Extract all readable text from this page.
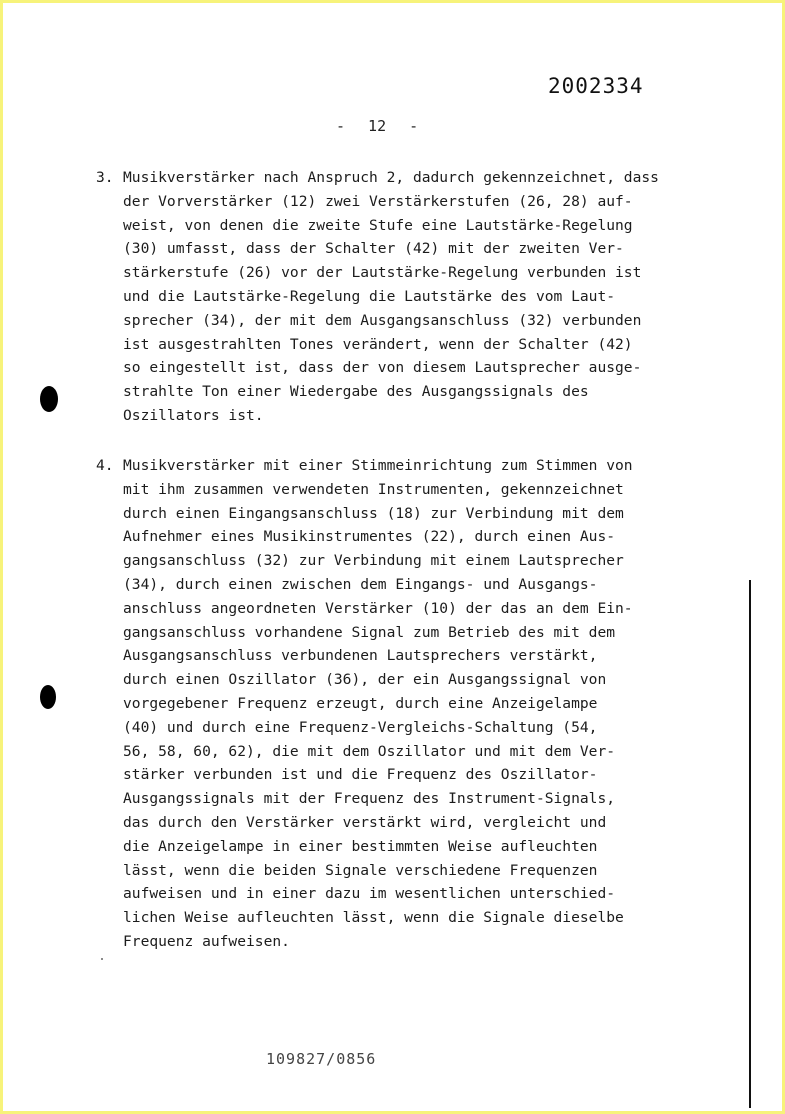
2002334
- 12 -
3. Musikverstärker nach Anspruch 2, dadurch gekennzeichnet, dass
der Vorverstärker (12) zwei Verstärkerstufen (26, 28) auf-
weist, von denen die zweite Stufe eine Lautstärke-Regelung
(30) umfasst, dass der Schalter (42) mit der zweiten Ver-
stärkerstufe (26) vor der Lautstärke-Regelung verbunden ist
und die Lautstärke-Regelung die Lautstärke des vom Laut-
sprecher (34), der mit dem Ausgangsanschluss (32) verbunden
ist ausgestrahlten Tones verändert, wenn der Schalter (42)
so eingestellt ist, dass der von diesem Lautsprecher ausge-
strahlte Ton einer Wiedergabe des Ausgangssignals des
Oszillators ist.
4. Musikverstärker mit einer Stimmeinrichtung zum Stimmen von
mit ihm zusammen verwendeten Instrumenten, gekennzeichnet
durch einen Eingangsanschluss (18) zur Verbindung mit dem
Aufnehmer eines Musikinstrumentes (22), durch einen Aus-
gangsanschluss (32) zur Verbindung mit einem Lautsprecher
(34), durch einen zwischen dem Eingangs- und Ausgangs-
anschluss angeordneten Verstärker (10) der das an dem Ein-
gangsanschluss vorhandene Signal zum Betrieb des mit dem
Ausgangsanschluss verbundenen Lautsprechers verstärkt,
durch einen Oszillator (36), der ein Ausgangssignal von
vorgegebener Frequenz erzeugt, durch eine Anzeigelampe
(40) und durch eine Frequenz-Vergleichs-Schaltung (54,
56, 58, 60, 62), die mit dem Oszillator und mit dem Ver-
stärker verbunden ist und die Frequenz des Oszillator-
Ausgangssignals mit der Frequenz des Instrument-Signals,
das durch den Verstärker verstärkt wird, vergleicht und
die Anzeigelampe in einer bestimmten Weise aufleuchten
lässt, wenn die beiden Signale verschiedene Frequenzen
aufweisen und in einer dazu im wesentlichen unterschied-
lichen Weise aufleuchten lässt, wenn die Signale dieselbe
Frequenz aufweisen.
109827/0856
